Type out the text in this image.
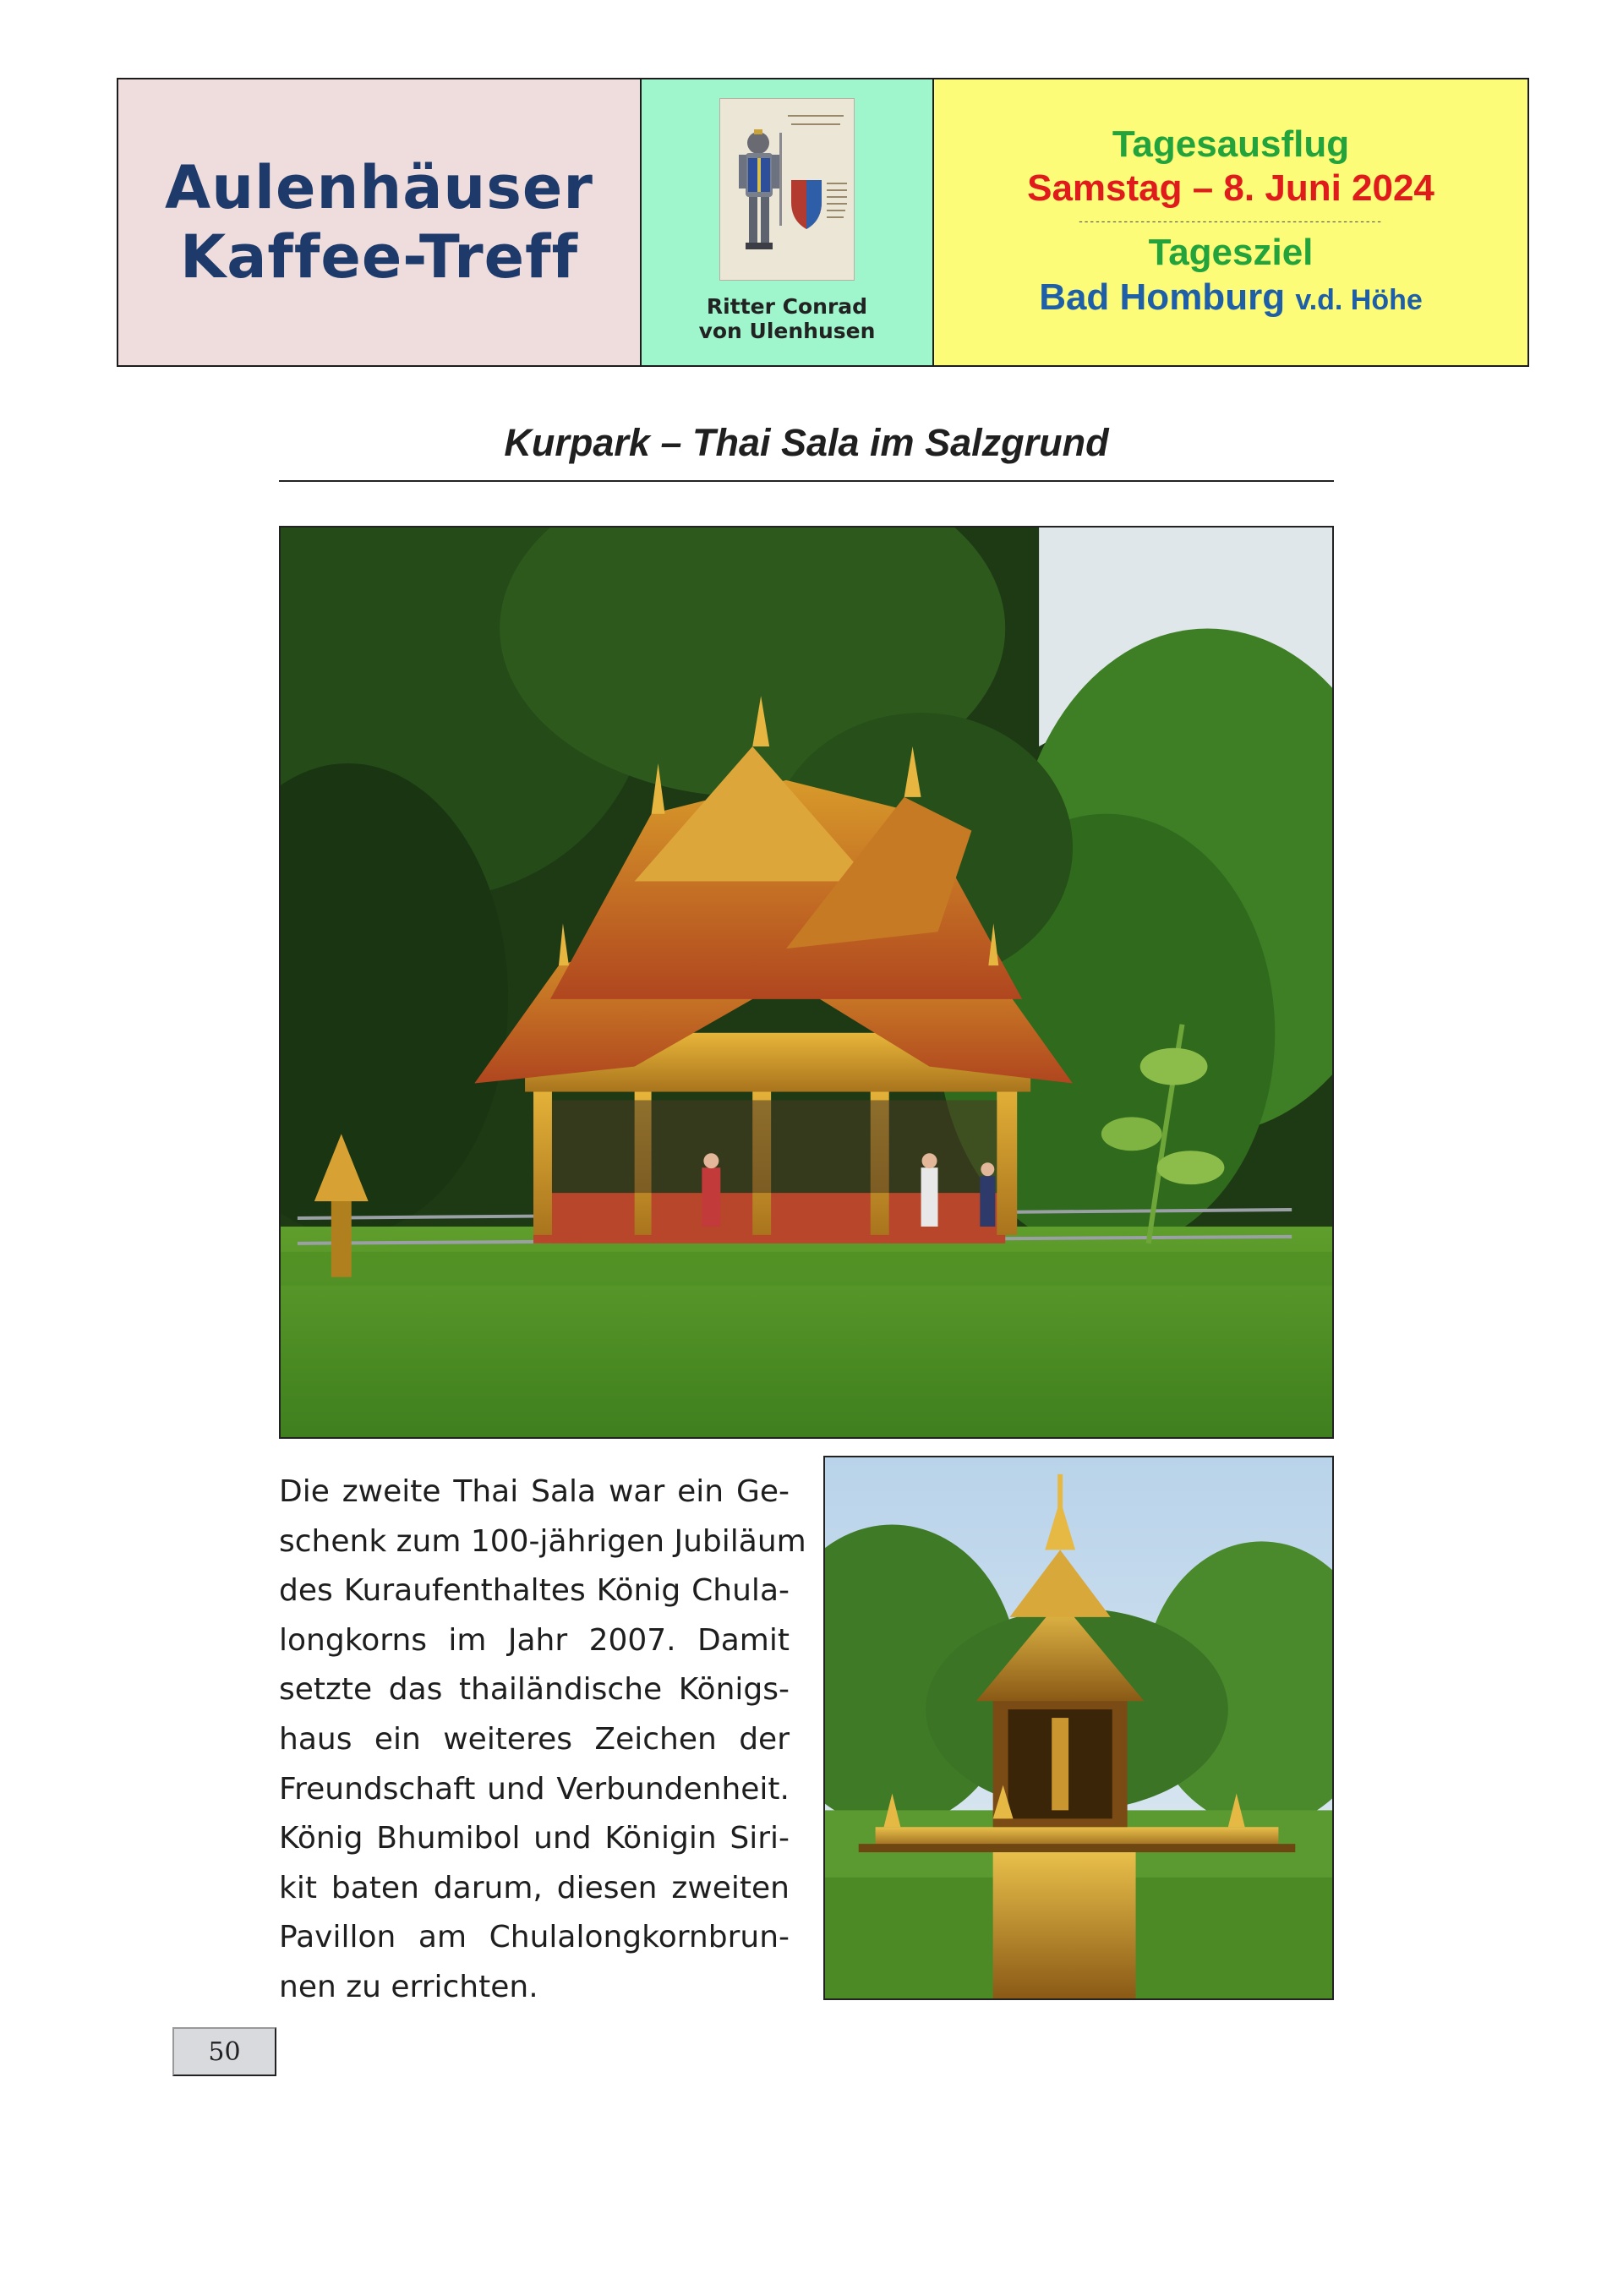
Aulenhäuser
Kaffee-Treff
Ritter Conrad
von Ulenhusen
Tagesausflug
Samstag – 8. Juni 2024
------------------------------------------------------
Tagesziel
Bad Homburg v.d. Höhe
Kurpark – Thai Sala im Salzgrund
Die zweite Thai Sala war ein Ge-
schenk zum 100-jährigen Jubiläum
des Kuraufenthaltes König Chula-
longkorns im Jahr 2007. Damit
setzte das thailändische Königs-
haus ein weiteres Zeichen der
Freundschaft und Verbundenheit.
König Bhumibol und Königin Siri-
kit baten darum, diesen zweiten
Pavillon am Chulalongkornbrun-
nen zu errichten.
50
